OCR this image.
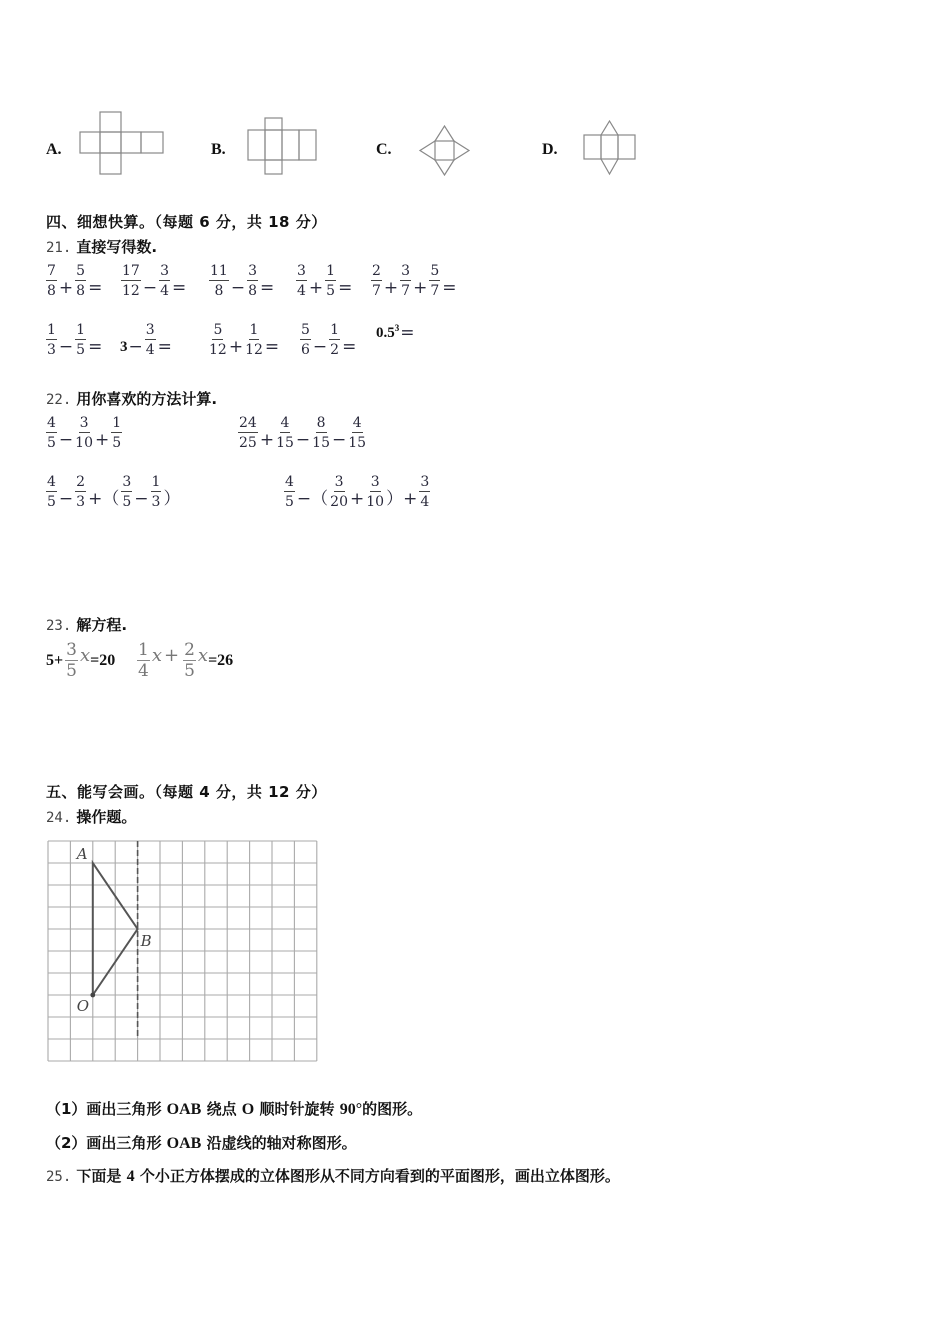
A.	B.	C.	D.
四、细想快算。（每题 6 分，共 18 分）
21. 直接写得数.
22. 用你喜欢的方法计算.
23. 解方程.
$5+ \frac{3}{5}$ $x =20 \frac{1}{4}$ $x + \frac{2}{5}$ x =26
五、能写会画。（每题 4 分，共 12 分）
24. 操作题。
A
B
O
（1）画出三角形 OAB 绕点 O 顺时针旋转 90°的图形。
（2）画出三角形 OAB 沿虚线的轴对称图形。
25. 下面是 4 个小正方体摆成的立体图形从不同方向看到的平面图形，画出立体图形。
$\frac{7}{8} + \frac{5}{8} = \frac{17}{12} - \frac{3}{4} = \frac{11}{8} - \frac{3}{8} = \frac{3}{4} + \frac{1}{5} = \frac{2}{7} + \frac{3}{7} + \frac{5}{7}$ =
$\frac{1}{3} - \frac{1}{5} = 3 - \frac{3}{4}$ =	$\frac{5}{12} + \frac{1}{12} = \frac{5}{6} - \frac{1}{2}$ =
$0.5^3$ =
$\frac{4}{5} - \frac{3}{10} + \frac{1}{5}$	$\frac{24}{25} + \frac{4}{15} - \frac{8}{15} - \frac{4}{15}$
$\frac{4}{5} - \frac{2}{3}$ +（ $\frac{3}{5} - \frac{1}{3}$ ）	$\frac{4}{5}$ −（ $\frac{3}{20} + \frac{3}{10}$ ）+ $\frac{3}{4}$
